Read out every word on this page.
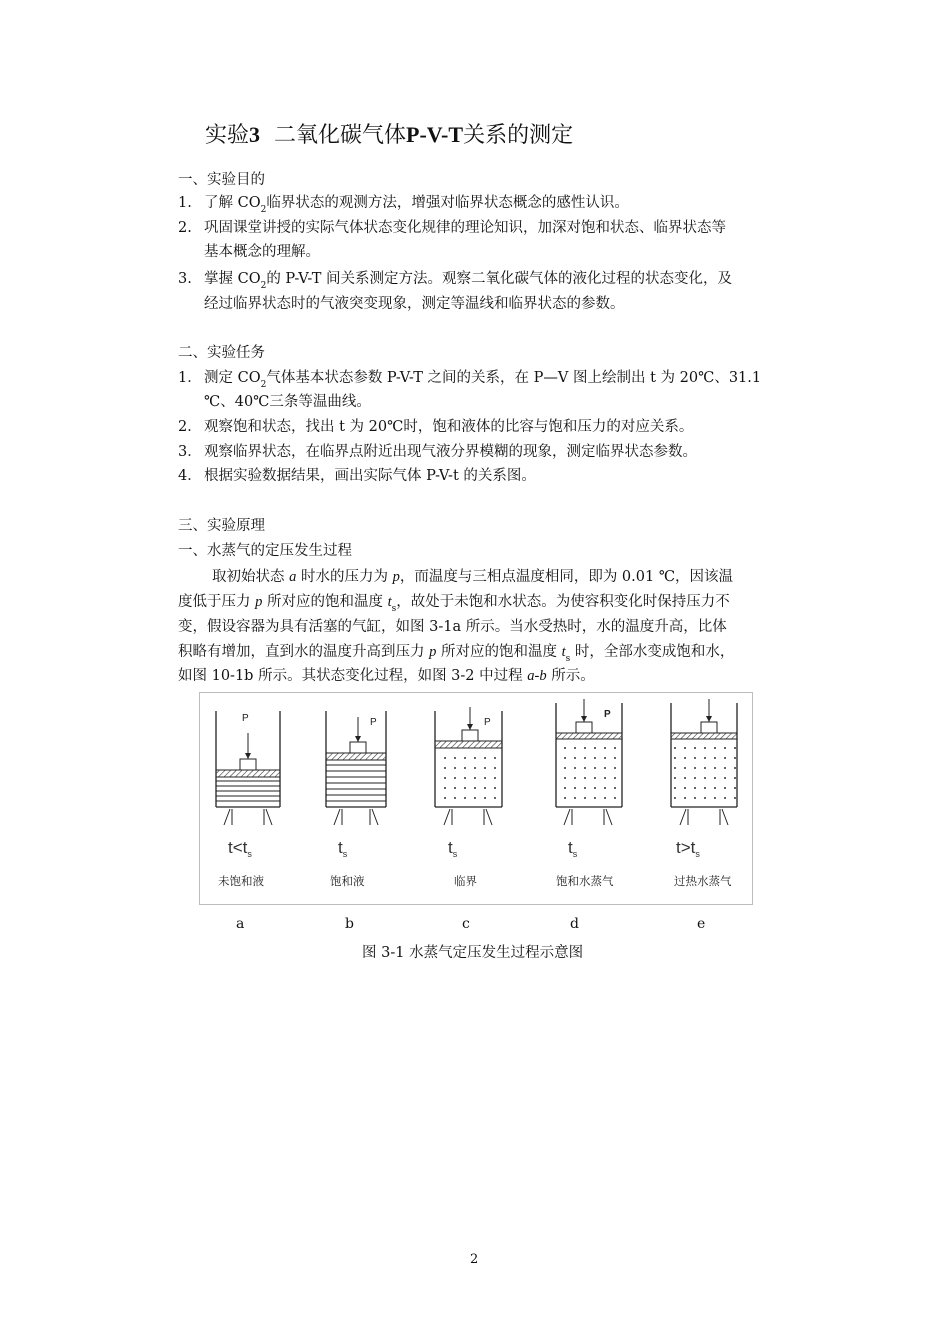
实验3 二氧化碳气体P-V-T关系的测定
一、实验目的
1. 了解 $CO_2$临界状态的观测方法，增强对临界状态概念的感性认识。
2. 巩固课堂讲授的实际气体状态变化规律的理论知识，加深对饱和状态、临界状态等
基本概念的理解。
3. 掌握 $CO_2$的 P-V-T 间关系测定方法。观察二氧化碳气体的液化过程的状态变化，及
经过临界状态时的气液突变现象，测定等温线和临界状态的参数。
二、实验任务
1． 测定 $CO_2$气体基本状态参数 P-V-T 之间的关系，在 P—V 图上绘制出 t 为 20℃、31.1
℃、40℃三条等温曲线。
2． 观察饱和状态，找出 t 为 20℃时，饱和液体的比容与饱和压力的对应关系。
3． 观察临界状态，在临界点附近出现气液分界模糊的现象，测定临界状态参数。
4． 根据实验数据结果，画出实际气体 P-V-t 的关系图。
三、实验原理
一、水蒸气的定压发生过程
取初始状态 a 时水的压力为 p，而温度与三相点温度相同，即为 0.01 ℃，因该温
度低于压力 p 所对应的饱和温度 $t_s$，故处于未饱和水状态。为使容积变化时保持压力不
变，假设容器为具有活塞的气缸，如图 3-1a 所示。当水受热时，水的温度升高，比体
积略有增加，直到水的温度升高到压力 p 所对应的饱和温度 $t_s$ 时，全部水变成饱和水，
如图 10-1b 所示。其状态变化过程，如图 3-2 中过程 a-b 所示。
P
$t<t_s$
未饱和液
P
$t_s$
饱和液
P
$t_s$
临界
P
$t_s$
饱和水蒸气
$t>t_s$
过热水蒸气
a	b	c	d	e
图 3-1 水蒸气定压发生过程示意图
2
